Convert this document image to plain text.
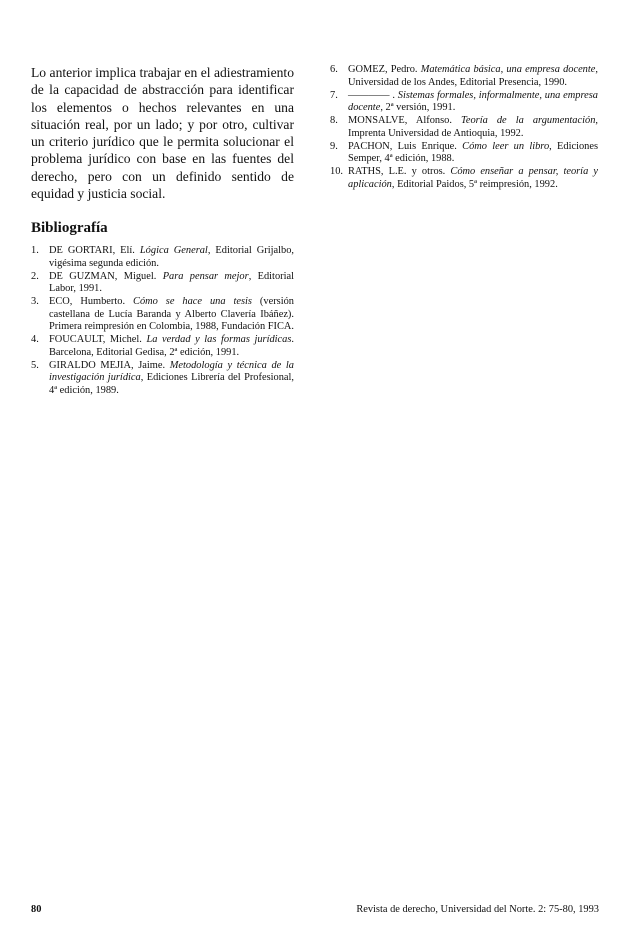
Lo anterior implica trabajar en el adiestramiento de la capacidad de abstracción para identificar los elementos o hechos relevantes en una situación real, por un lado; y por otro, cultivar un criterio jurídico que le permita solucionar el problema jurídico con base en las fuentes del derecho, pero con un definido sentido de equidad y justicia social.

Bibliografía
1. DE GORTARI, Elí. Lógica General, Editorial Grijalbo, vigésima segunda edición.
2. DE GUZMAN, Miguel. Para pensar mejor, Editorial Labor, 1991.
3. ECO, Humberto. Cómo se hace una tesis (versión castellana de Lucía Baranda y Alberto Clavería Ibáñez). Primera reimpresión en Colombia, 1988, Fundación FICA.
4. FOUCAULT, Michel. La verdad y las formas jurídicas. Barcelona, Editorial Gedisa, 2ª edición, 1991.
5. GIRALDO MEJIA, Jaime. Metodología y técnica de la investigación jurídica, Ediciones Librería del Profesional, 4ª edición, 1989.
6. GOMEZ, Pedro. Matemática básica, una empresa docente, Universidad de los Andes, Editorial Presencia, 1990.
7. ———— . Sistemas formales, informalmente, una empresa docente, 2ª versión, 1991.
8. MONSALVE, Alfonso. Teoría de la argumentación, Imprenta Universidad de Antioquia, 1992.
9. PACHON, Luis Enrique. Cómo leer un libro, Ediciones Semper, 4ª edición, 1988.
10. RATHS, L.E. y otros. Cómo enseñar a pensar, teoría y aplicación, Editorial Paidos, 5ª reimpresión, 1992.
80	Revista de derecho, Universidad del Norte. 2: 75-80, 1993
